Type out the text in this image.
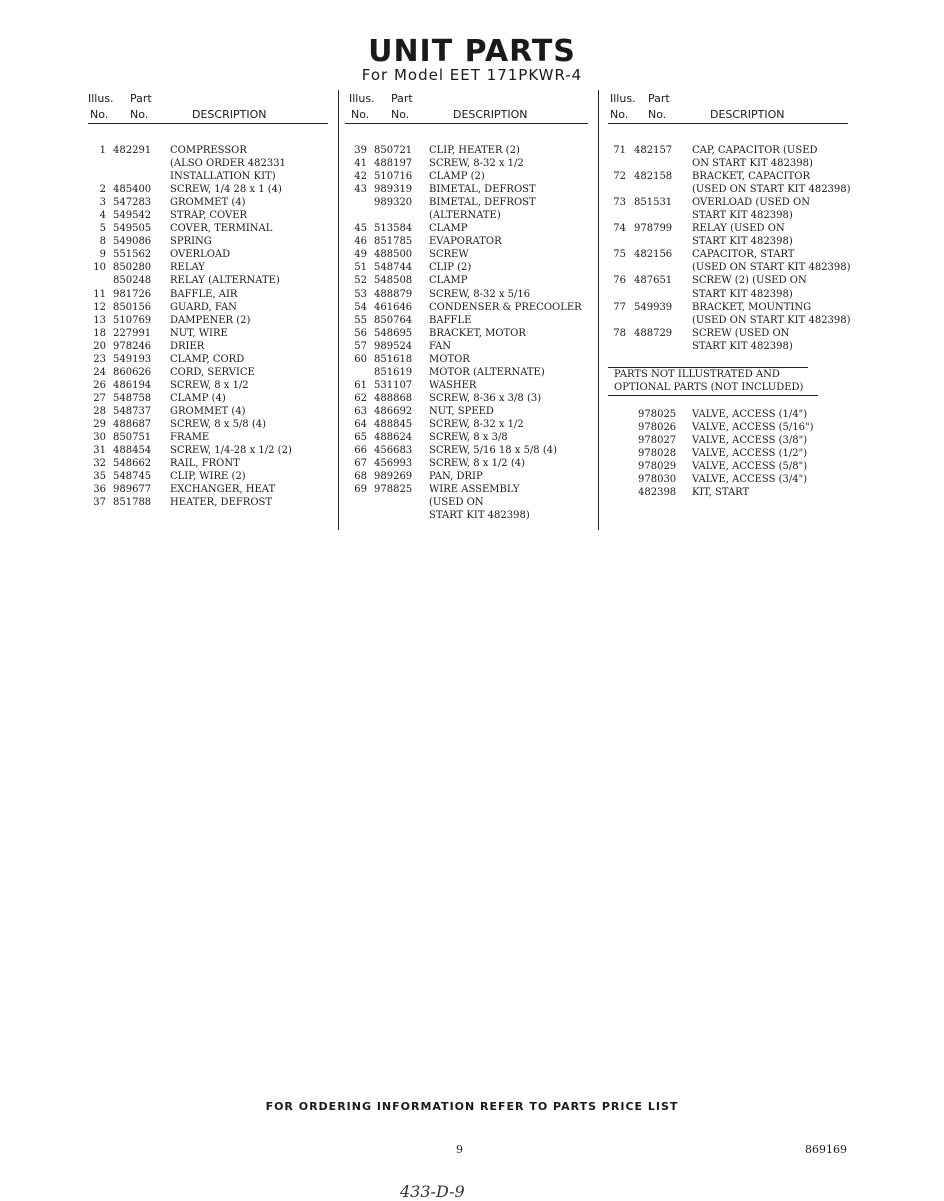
UNIT PARTS
For Model EET 171PKWR-4
Illus. Part
No. No.	DESCRIPTION
1 482291 COMPRESSOR
(ALSO ORDER 482331
INSTALLATION KIT)
2 485400 SCREW, 1/4 28 x 1 (4)
3 547283 GROMMET (4)
4 549542 STRAP, COVER
5 549505 COVER, TERMINAL
8 549086 SPRING
9 551562 OVERLOAD
10 850280 RELAY
850248 RELAY (ALTERNATE)
11 981726 BAFFLE, AIR
12 850156 GUARD, FAN
13 510769 DAMPENER (2)
18 227991 NUT, WIRE
20 978246 DRIER
23 549193 CLAMP, CORD
24 860626 CORD, SERVICE
26 486194 SCREW, 8 x 1/2
27 548758 CLAMP (4)
28 548737 GROMMET (4)
29 488687 SCREW, 8 x 5/8 (4)
30 850751 FRAME
31 488454 SCREW, 1/4-28 x 1/2 (2)
32 548662 RAIL, FRONT
35 548745 CLIP, WIRE (2)
36 989677 EXCHANGER, HEAT
37 851788 HEATER, DEFROST
Illus. Part
No. No.	DESCRIPTION
39 850721 CLIP, HEATER (2)
41 488197 SCREW, 8-32 x 1/2
42 510716 CLAMP (2)
43 989319 BIMETAL, DEFROST
989320 BIMETAL, DEFROST
(ALTERNATE)
45 513584 CLAMP
46 851785 EVAPORATOR
49 488500 SCREW
51 548744 CLIP (2)
52 548508 CLAMP
53 488879 SCREW, 8-32 x 5/16
54 461646 CONDENSER & PRECOOLER
55 850764 BAFFLE
56 548695 BRACKET, MOTOR
57 989524 FAN
60 851618 MOTOR
851619 MOTOR (ALTERNATE)
61 531107 WASHER
62 488868 SCREW, 8-36 x 3/8 (3)
63 486692 NUT, SPEED
64 488845 SCREW, 8-32 x 1/2
65 488624 SCREW, 8 x 3/8
66 456683 SCREW, 5/16 18 x 5/8 (4)
67 456993 SCREW, 8 x 1/2 (4)
68 989269 PAN, DRIP
69 978825 WIRE ASSEMBLY
(USED ON
START KIT 482398)
Illus. Part
No. No.	DESCRIPTION
71 482157 CAP, CAPACITOR (USED
ON START KIT 482398)
72 482158 BRACKET, CAPACITOR
(USED ON START KIT 482398)
73 851531 OVERLOAD (USED ON
START KIT 482398)
74 978799 RELAY (USED ON
START KIT 482398)
75 482156 CAPACITOR, START
(USED ON START KIT 482398)
76 487651 SCREW (2) (USED ON
START KIT 482398)
77 549939 BRACKET, MOUNTING
(USED ON START KIT 482398)
78 488729 SCREW (USED ON
START KIT 482398)
PARTS NOT ILLUSTRATED AND
OPTIONAL PARTS (NOT INCLUDED)
978025 VALVE, ACCESS (1/4")
978026 VALVE, ACCESS (5/16")
978027 VALVE, ACCESS (3/8")
978028 VALVE, ACCESS (1/2")
978029 VALVE, ACCESS (5/8")
978030 VALVE, ACCESS (3/4")
482398 KIT, START
FOR ORDERING INFORMATION REFER TO PARTS PRICE LIST
9	869169
433-D-9
